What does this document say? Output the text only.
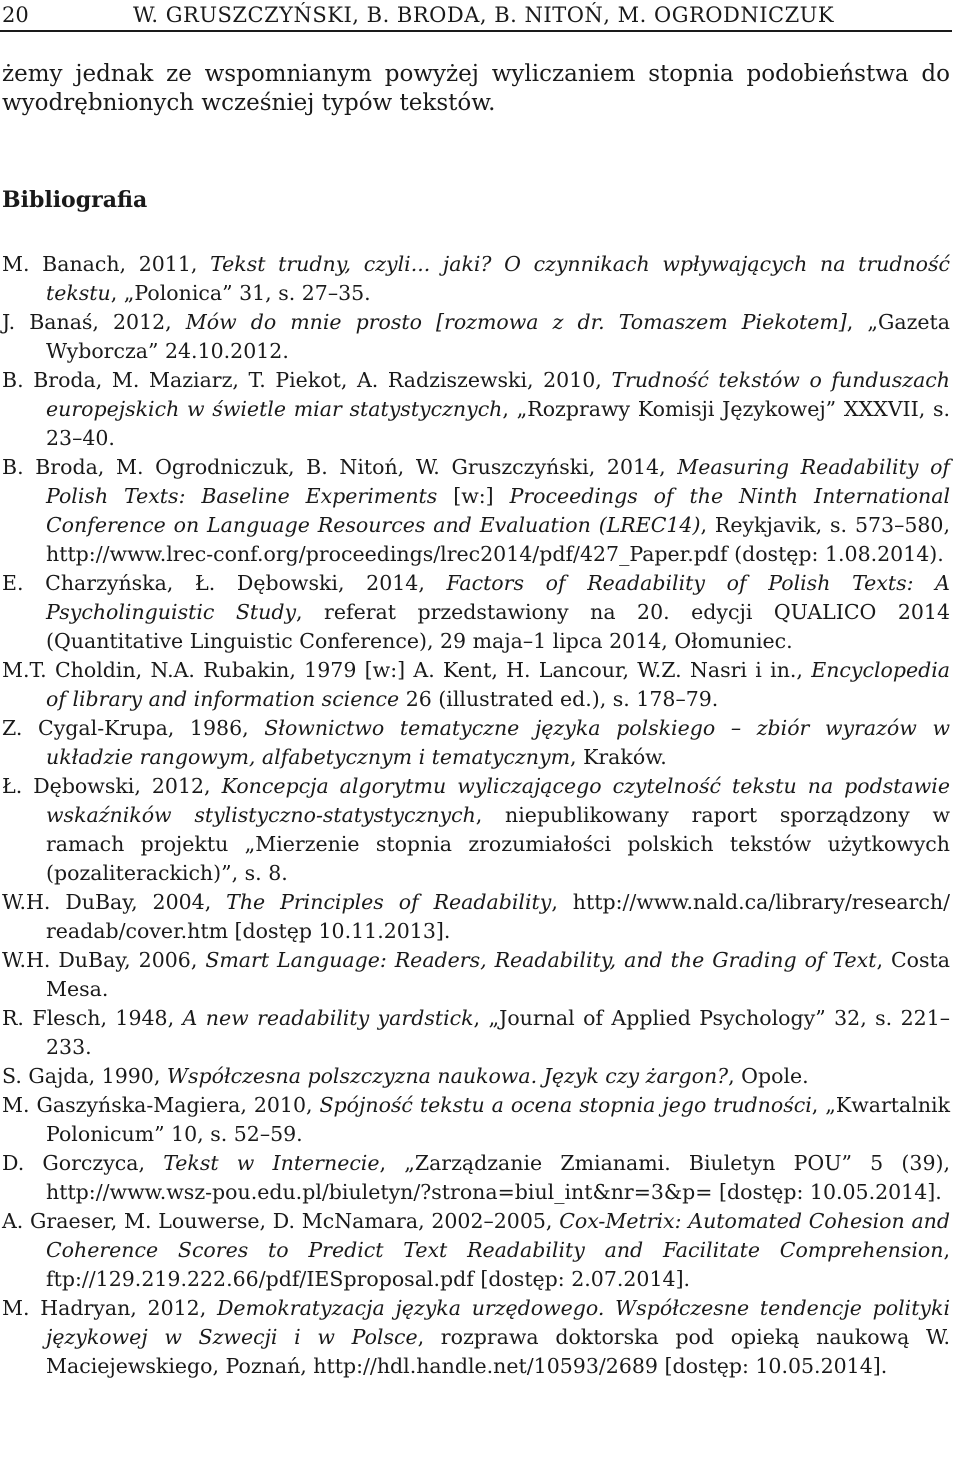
20	W. GRUSZCZYŃSKI, B. BRODA, B. NITOŃ, M. OGRODNICZUK
żemy jednak ze wspomnianym powyżej wyliczaniem stopnia podobieństwa do wyodrębnionych wcześniej typów tekstów.
Bibliografia

M. Banach, 2011, Tekst trudny, czyli... jaki? O czynnikach wpływających na trudność tekstu, „Polonica” 31, s. 27–35.

J. Banaś, 2012, Mów do mnie prosto [rozmowa z dr. Tomaszem Piekotem], „Gazeta Wyborcza” 24.10.2012.

B. Broda, M. Maziarz, T. Piekot, A. Radziszewski, 2010, Trudność tekstów o funduszach europejskich w świetle miar statystycznych, „Rozprawy Komisji Językowej” XXXVII, s. 23–40.

B. Broda, M. Ogrodniczuk, B. Nitoń, W. Gruszczyński, 2014, Measuring Readability of Polish Texts: Baseline Experiments [w:] Proceedings of the Ninth International Conference on Language Resources and Evaluation (LREC14), Reykjavik, s. 573–580, http://www.lrec-conf.org/proceedings/lrec2014/pdf/427_Paper.pdf (dostęp: 1.08.2014).

E. Charzyńska, Ł. Dębowski, 2014, Factors of Readability of Polish Texts: A Psycholinguistic Study, referat przedstawiony na 20. edycji QUALICO 2014 (Quantitative Linguistic Conference), 29 maja–1 lipca 2014, Ołomuniec.

M.T. Choldin, N.A. Rubakin, 1979 [w:] A. Kent, H. Lancour, W.Z. Nasri i in., Encyclopedia of library and information science 26 (illustrated ed.), s. 178–79.

Z. Cygal-Krupa, 1986, Słownictwo tematyczne języka polskiego – zbiór wyrazów w układzie rangowym, alfabetycznym i tematycznym, Kraków.

Ł. Dębowski, 2012, Koncepcja algorytmu wyliczającego czytelność tekstu na podstawie wskaźników stylistyczno-statystycznych, niepublikowany raport sporządzony w ramach projektu „Mierzenie stopnia zrozumiałości polskich tekstów użytkowych (pozaliterackich)”, s. 8.

W.H. DuBay, 2004, The Principles of Readability, http://www.nald.ca/library/research/ readab/cover.htm [dostęp 10.11.2013].

W.H. DuBay, 2006, Smart Language: Readers, Readability, and the Grading of Text, Costa Mesa.

R. Flesch, 1948, A new readability yardstick, „Journal of Applied Psychology” 32, s. 221–233.

S. Gajda, 1990, Współczesna polszczyzna naukowa. Język czy żargon?, Opole.

M. Gaszyńska-Magiera, 2010, Spójność tekstu a ocena stopnia jego trudności, „Kwartalnik Polonicum” 10, s. 52–59.

D. Gorczyca, Tekst w Internecie, „Zarządzanie Zmianami. Biuletyn POU” 5 (39), http://www.wsz-pou.edu.pl/biuletyn/?strona=biul_int&nr=3&p= [dostęp: 10.05.2014].

A. Graeser, M. Louwerse, D. McNamara, 2002–2005, Cox-Metrix: Automated Cohesion and Coherence Scores to Predict Text Readability and Facilitate Comprehension, ftp://129.219.222.66/pdf/IESproposal.pdf [dostęp: 2.07.2014].

M. Hadryan, 2012, Demokratyzacja języka urzędowego. Współczesne tendencje polityki językowej w Szwecji i w Polsce, rozprawa doktorska pod opieką naukową W. Maciejewskiego, Poznań, http://hdl.handle.net/10593/2689 [dostęp: 10.05.2014].
